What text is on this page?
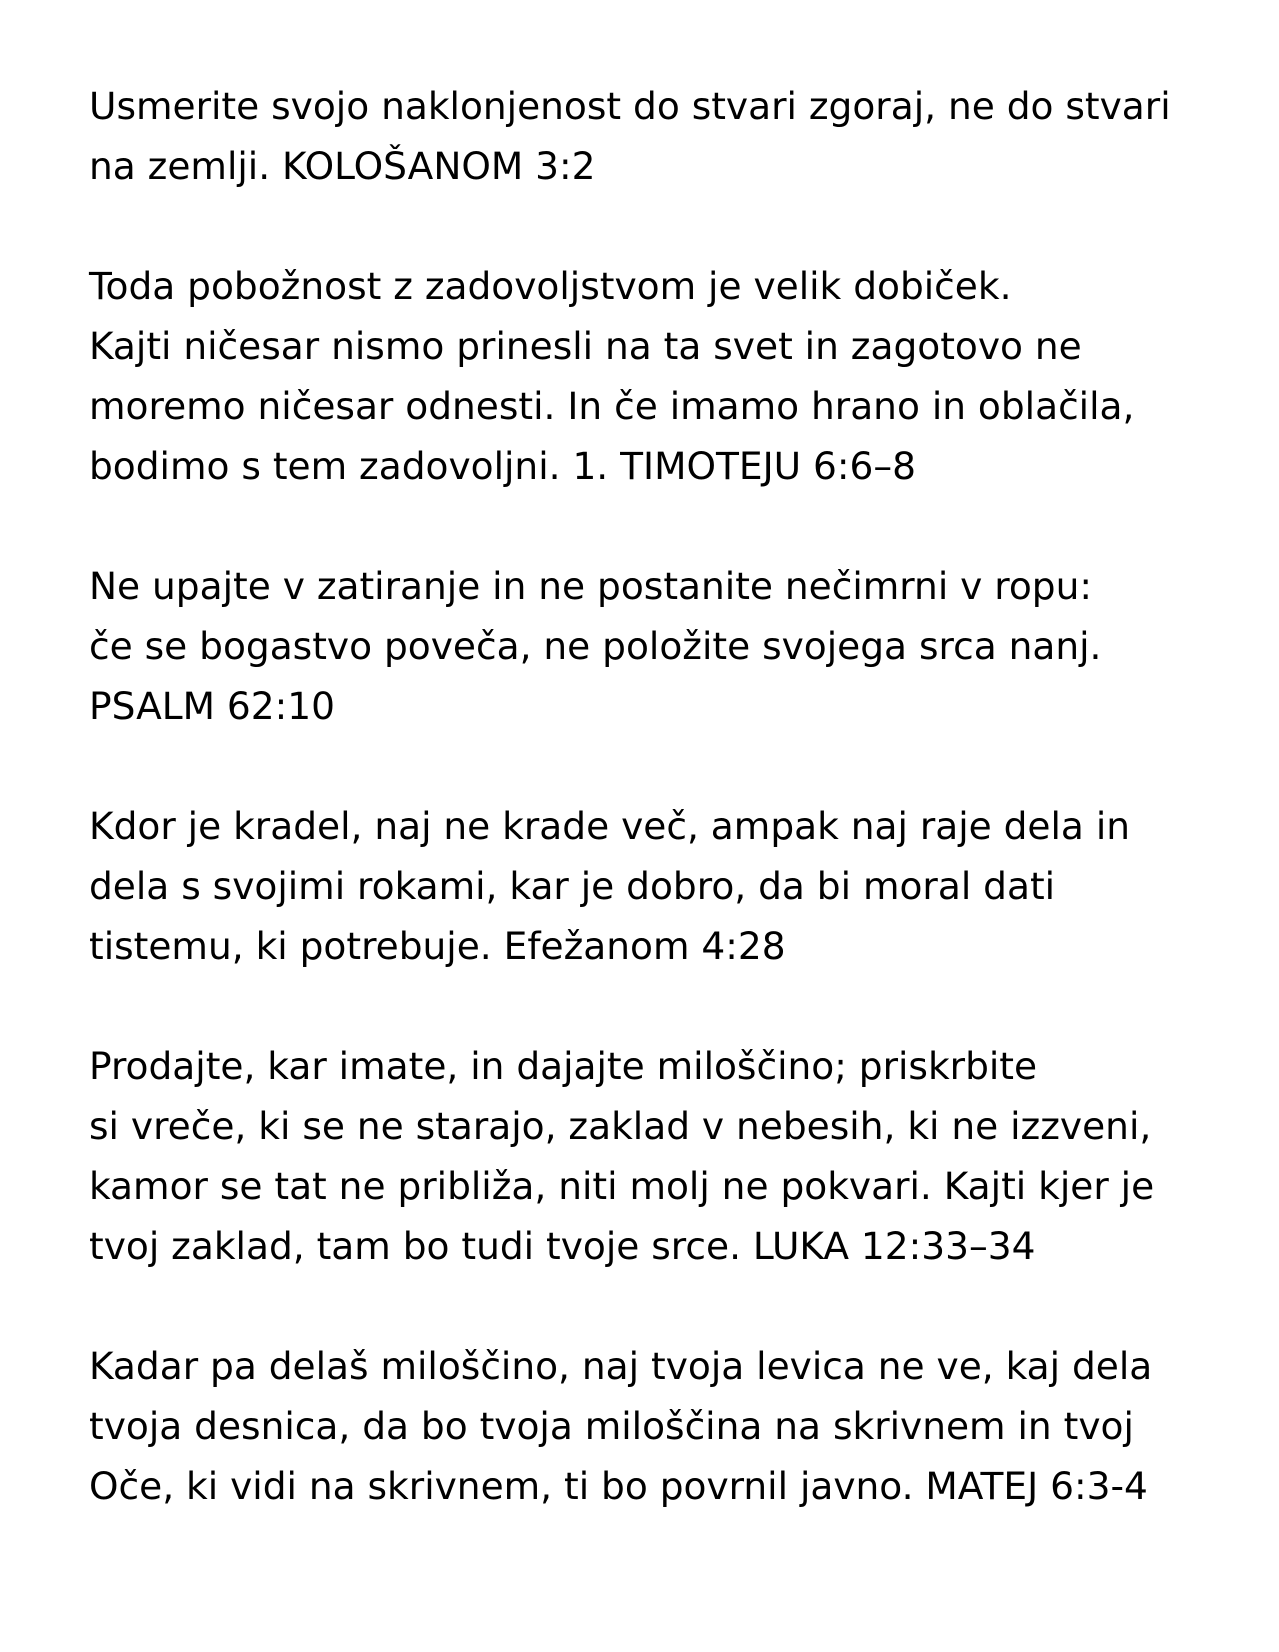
Usmerite svojo naklonjenost do stvari zgoraj, ne do stvari
na zemlji. KOLOŠANOM 3:2
Toda pobožnost z zadovoljstvom je velik dobiček.
Kajti ničesar nismo prinesli na ta svet in zagotovo ne
moremo ničesar odnesti. In če imamo hrano in oblačila,
bodimo s tem zadovoljni. 1. TIMOTEJU 6:6–8
Ne upajte v zatiranje in ne postanite nečimrni v ropu:
če se bogastvo poveča, ne položite svojega srca nanj.
PSALM 62:10
Kdor je kradel, naj ne krade več, ampak naj raje dela in
dela s svojimi rokami, kar je dobro, da bi moral dati
tistemu, ki potrebuje. Efežanom 4:28
Prodajte, kar imate, in dajajte miloščino; priskrbite
si vreče, ki se ne starajo, zaklad v nebesih, ki ne izzveni,
kamor se tat ne približa, niti molj ne pokvari. Kajti kjer je
tvoj zaklad, tam bo tudi tvoje srce. LUKA 12:33–34
Kadar pa delaš miloščino, naj tvoja levica ne ve, kaj dela
tvoja desnica, da bo tvoja miloščina na skrivnem in tvoj
Oče, ki vidi na skrivnem, ti bo povrnil javno. MATEJ 6:3-4
